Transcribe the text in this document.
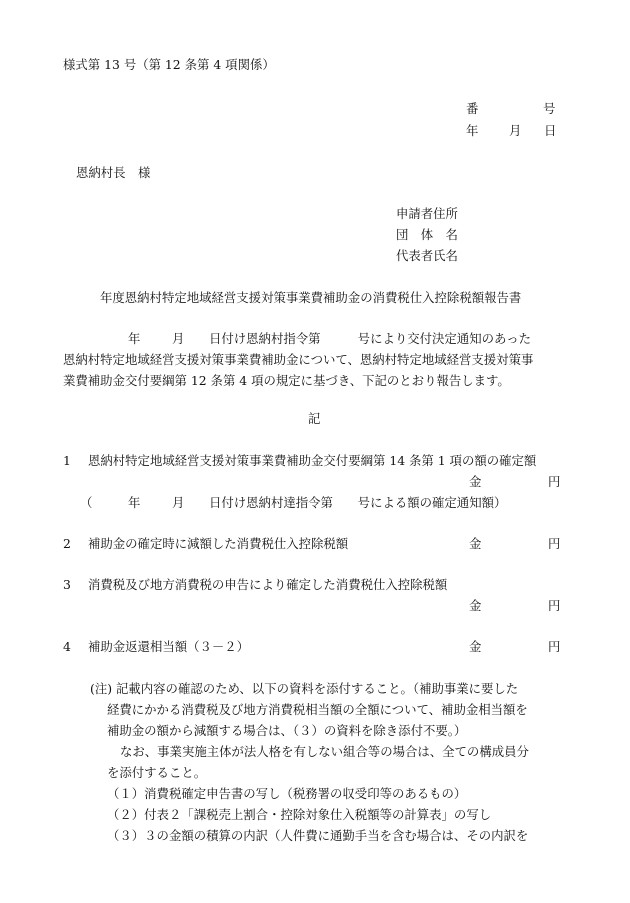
様式第 13 号（第 12 条第 4 項関係）
番	号
年 月 日
恩納村長　様
申請者住所
団　体　名
代表者氏名
年度恩納村特定地域経営支援対策事業費補助金の消費税仕入控除税額報告書
年	月 日付け恩納村指令第　　　号により交付決定通知のあった
恩納村特定地域経営支援対策事業費補助金について、恩納村特定地域経営支援対策事
業費補助金交付要綱第 12 条第 4 項の規定に基づき、下記のとおり報告します。
記
1 恩納村特定地域経営支援対策事業費補助金交付要綱第 14 条第 1 項の額の確定額
金	円
（	年	月 日付け恩納村達指令第　　号による額の確定通知額）
2 補助金の確定時に減額した消費税仕入控除税額	金	円
3 消費税及び地方消費税の申告により確定した消費税仕入控除税額
金	円
4 補助金返還相当額（３－２）	金	円
(注) 記載内容の確認のため、以下の資料を添付すること。（補助事業に要した
経費にかかる消費税及び地方消費税相当額の全額について、補助金相当額を
補助金の額から減額する場合は、（３）の資料を除き添付不要。）
なお、事業実施主体が法人格を有しない組合等の場合は、全ての構成員分
を添付すること。
（１）消費税確定申告書の写し（税務署の収受印等のあるもの）
（２）付表２「課税売上割合・控除対象仕入税額等の計算表」の写し
（３）３の金額の積算の内訳（人件費に通勤手当を含む場合は、その内訳を
